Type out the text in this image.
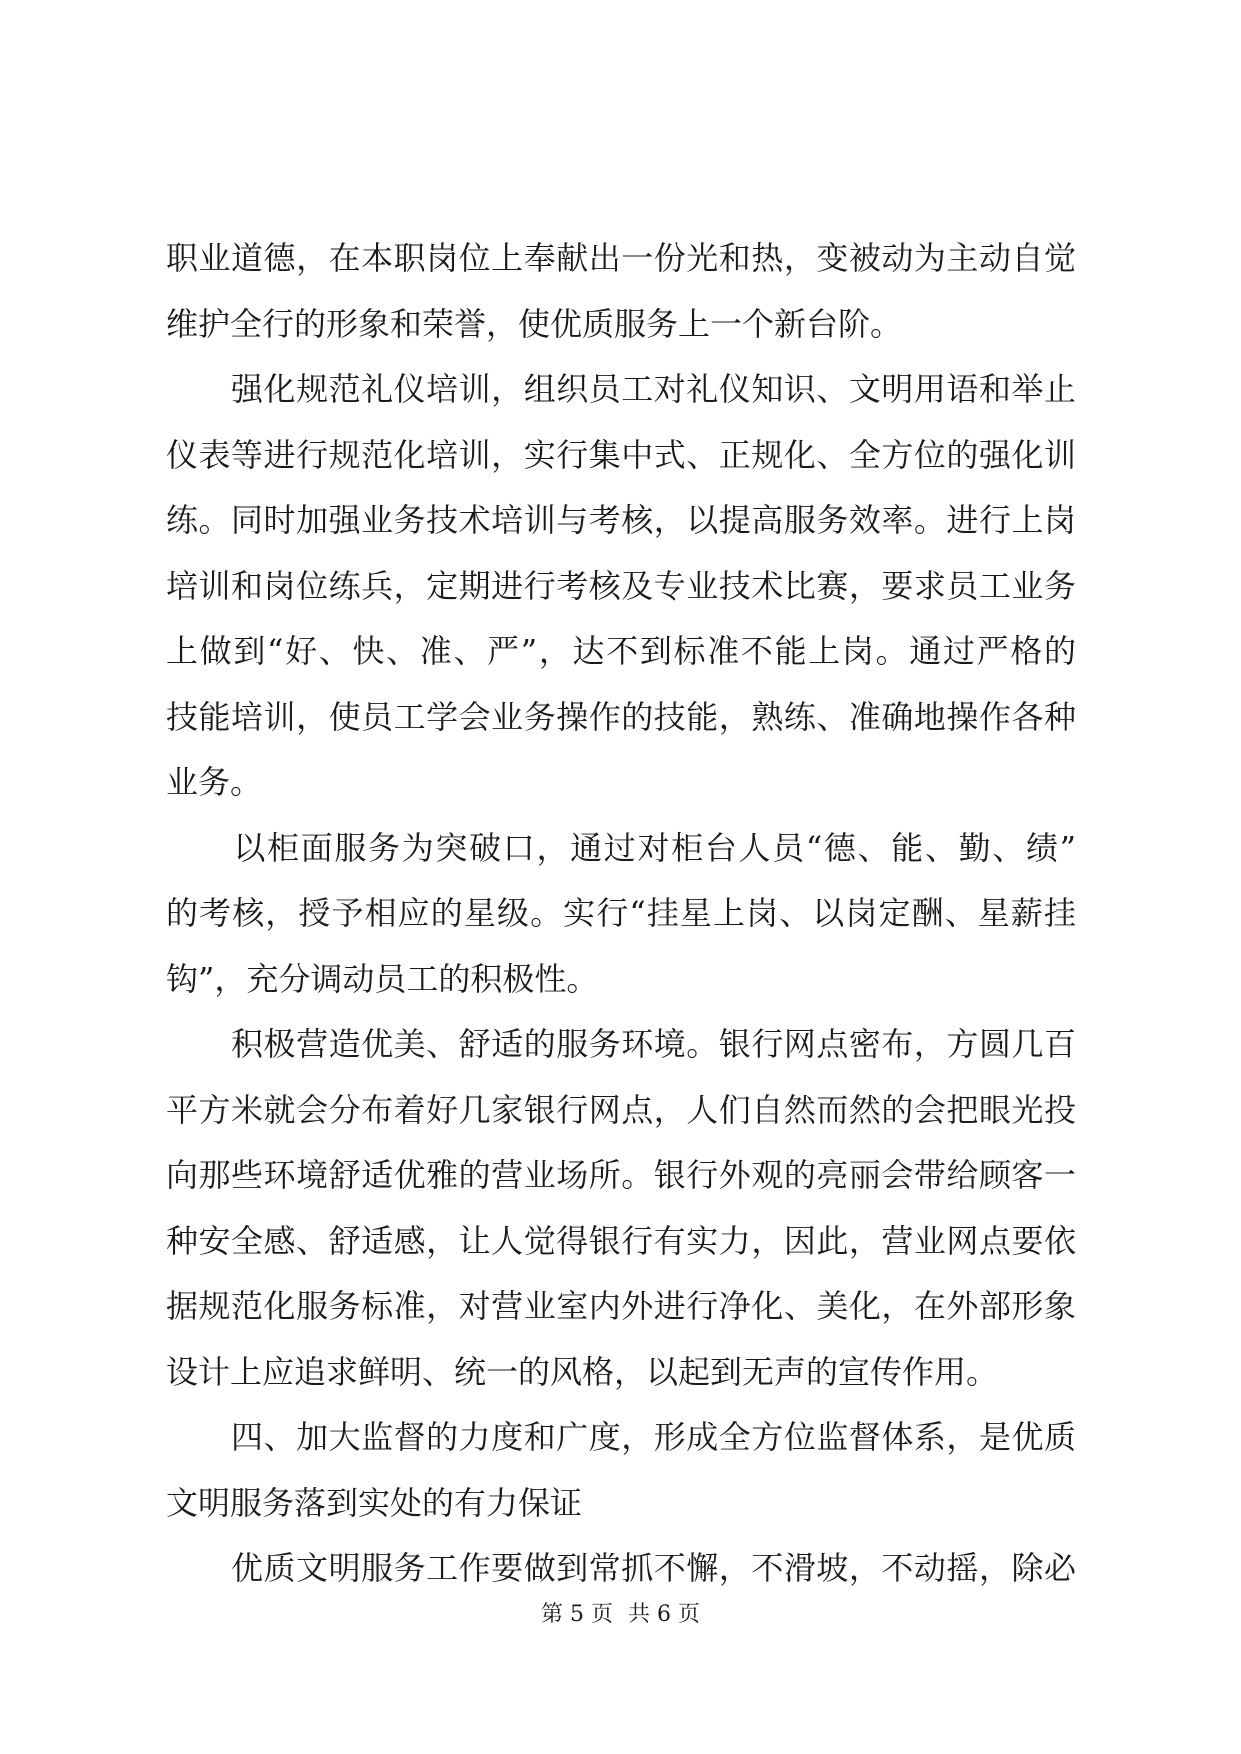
职业道德，在本职岗位上奉献出一份光和热，变被动为主动自觉
维护全行的形象和荣誉，使优质服务上一个新台阶。
　　强化规范礼仪培训，组织员工对礼仪知识、文明用语和举止
仪表等进行规范化培训，实行集中式、正规化、全方位的强化训
练。同时加强业务技术培训与考核，以提高服务效率。进行上岗
培训和岗位练兵，定期进行考核及专业技术比赛，要求员工业务
上做到“好、快、准、严”，达不到标准不能上岗。通过严格的
技能培训，使员工学会业务操作的技能，熟练、准确地操作各种
业务。
　　以柜面服务为突破口，通过对柜台人员“德、能、勤、绩”
的考核，授予相应的星级。实行“挂星上岗、以岗定酬、星薪挂
钩”，充分调动员工的积极性。
　　积极营造优美、舒适的服务环境。银行网点密布，方圆几百
平方米就会分布着好几家银行网点，人们自然而然的会把眼光投
向那些环境舒适优雅的营业场所。银行外观的亮丽会带给顾客一
种安全感、舒适感，让人觉得银行有实力，因此，营业网点要依
据规范化服务标准，对营业室内外进行净化、美化，在外部形象
设计上应追求鲜明、统一的风格，以起到无声的宣传作用。
　　四、加大监督的力度和广度，形成全方位监督体系，是优质
文明服务落到实处的有力保证
　　优质文明服务工作要做到常抓不懈，不滑坡，不动摇，除必
第 5 页 共 6 页
